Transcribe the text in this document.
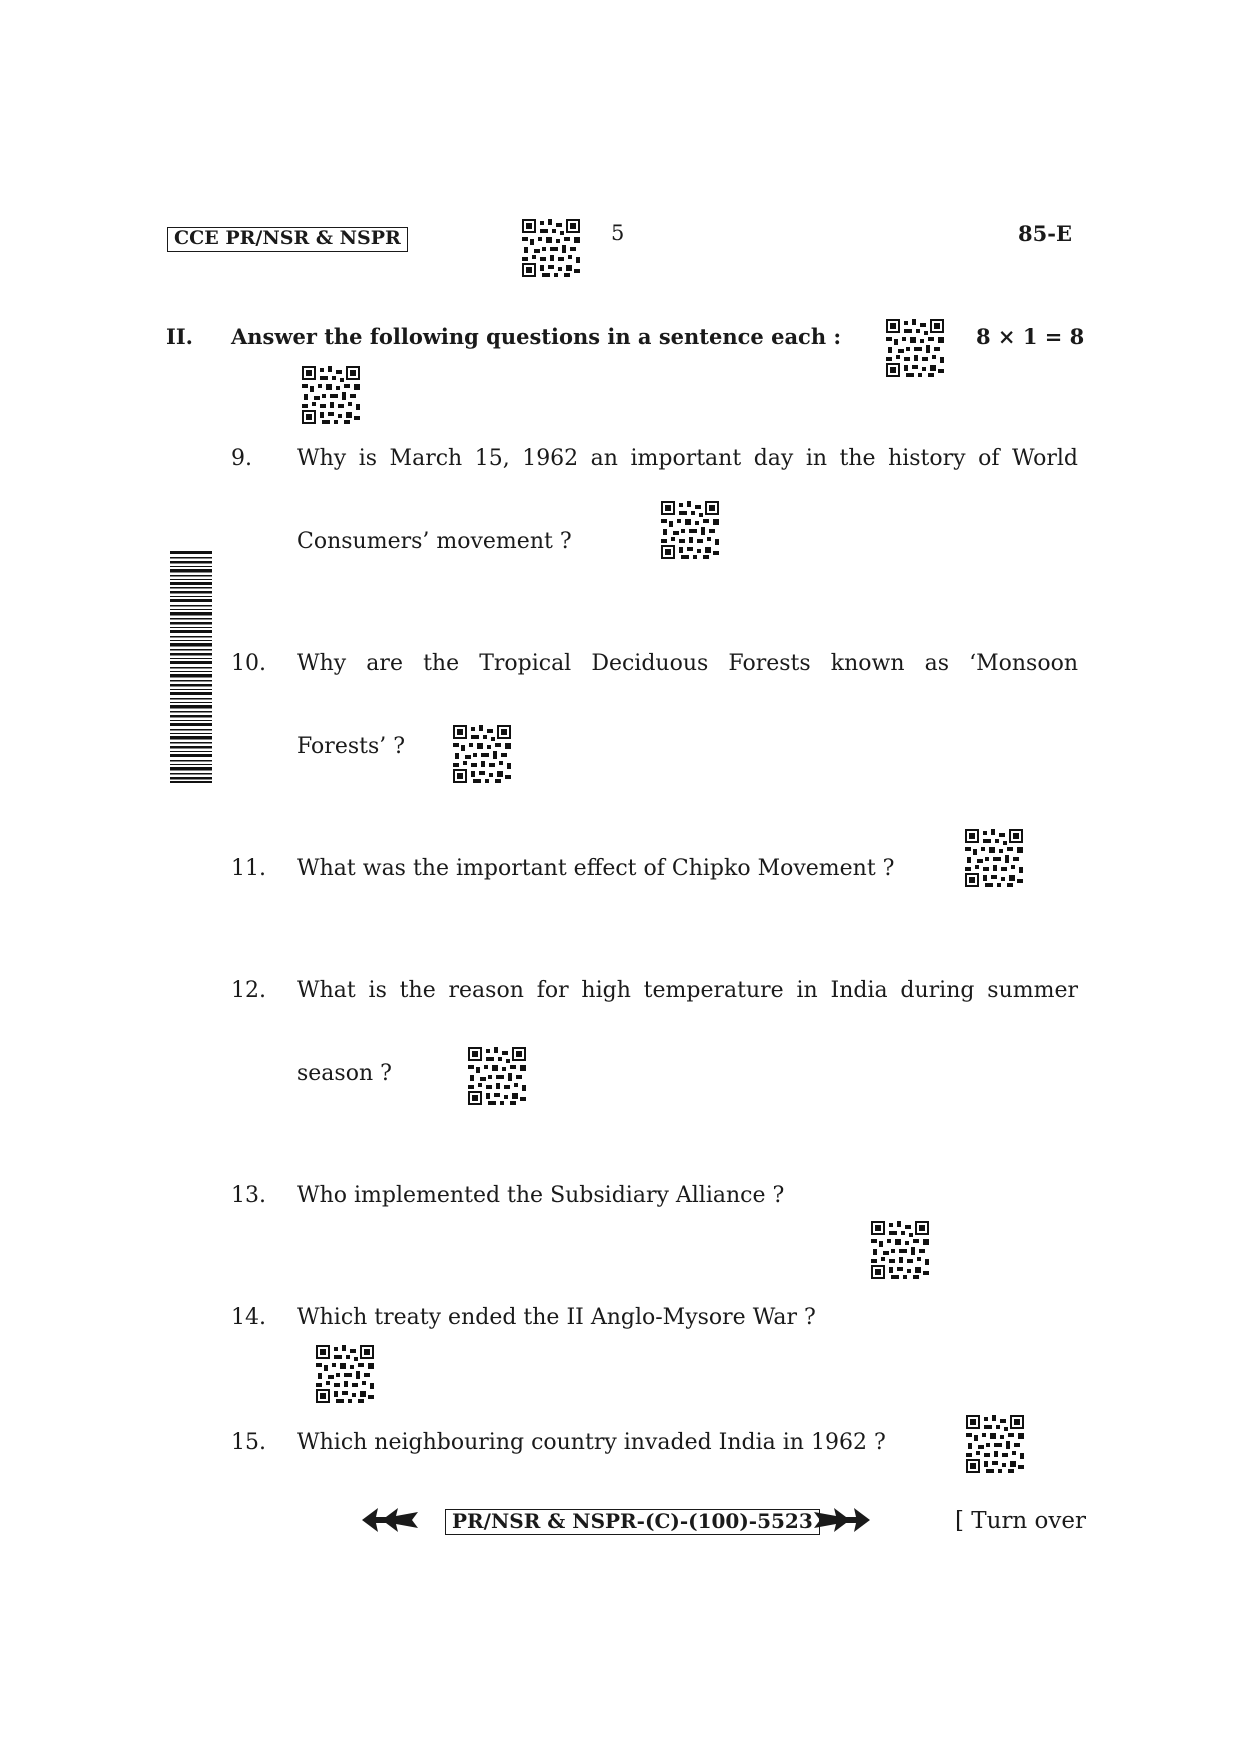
CCE PR/NSR & NSPR	5	85-E
II. Answer the following questions in a sentence each :	8 × 1 = 8
9. Why is March 15, 1962 an important day in the history of World
Consumers’ movement ?
10. Why are the Tropical Deciduous Forests known as ‘Monsoon
Forests’ ?
11. What was the important effect of Chipko Movement ?
12. What is the reason for high temperature in India during summer
season ?
13. Who implemented the Subsidiary Alliance ?
14. Which treaty ended the II Anglo-Mysore War ?
15. Which neighbouring country invaded India in 1962 ?
PR/NSR & NSPR-(C)-(100)-5523	[ Turn over
